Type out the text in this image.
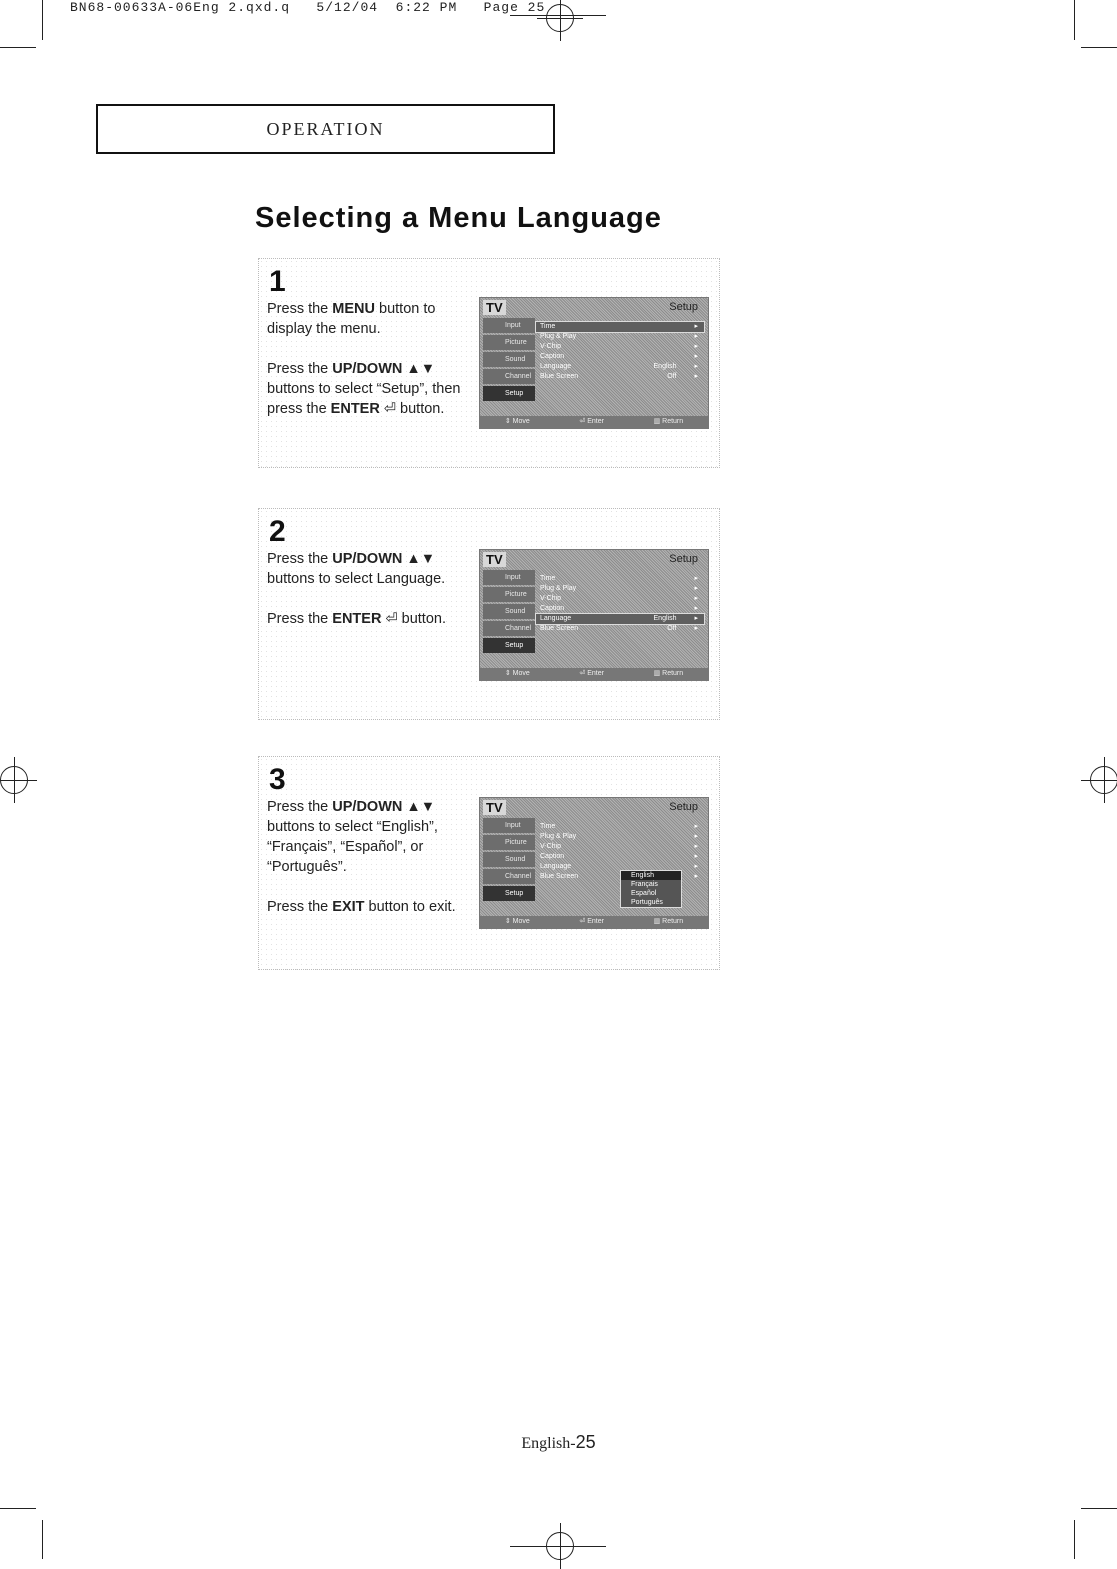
BN68-00633A-06Eng 2.qxd.q   5/12/04  6:22 PM   Page 25
OPERATION
Selecting a Menu Language
1

Press the MENU button to display the menu.

Press the UP/DOWN ▲▼ buttons to select “Setup”, then press the ENTER ⏎ button.

TV	Setup
Input
Picture
Sound
Channel
Setup
Time	▸
Plug & Play	▸
V-Chip	▸
Caption	▸
Language	English	▸
Blue Screen	Off	▸
⇕ Move	⏎ Enter	▥ Return
2

Press the UP/DOWN ▲▼ buttons to select Language.

Press the ENTER ⏎ button.

TV	Setup
Input
Picture
Sound
Channel
Setup
Time	▸
Plug & Play	▸
V-Chip	▸
Caption	▸
Language	English	▸
Blue Screen	Off	▸
⇕ Move	⏎ Enter	▥ Return
3

Press the UP/DOWN ▲▼ buttons to select “English”, “Français”, “Español”, or “Português”.

Press the EXIT button to exit.

TV	Setup
Input
Picture
Sound
Channel
Setup
Time	▸
Plug & Play	▸
V-Chip	▸
Caption	▸
Language	▸
Blue Screen	▸
English
Français
Español
Português
⇕ Move	⏎ Enter	▥ Return
English-25
